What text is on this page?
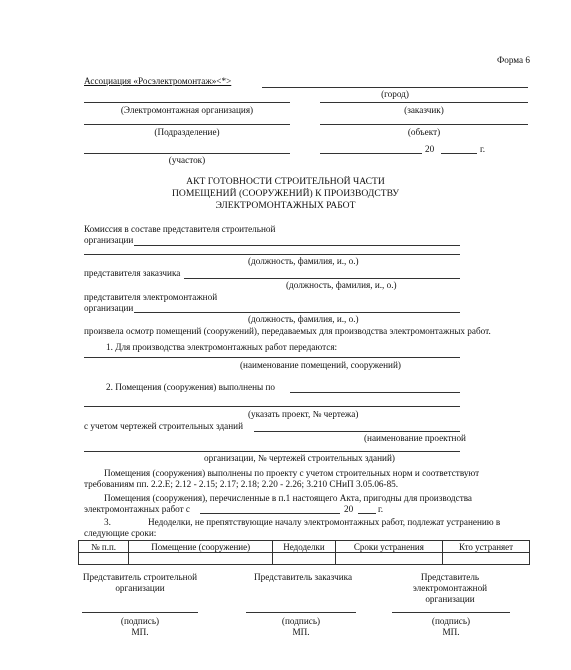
Форма 6
Ассоциация «Росэлектромонтаж»<*>
(город)
(Электромонтажная организация)	(заказчик)
(Подразделение)	(объект)
20	г.
(участок)
АКТ ГОТОВНОСТИ СТРОИТЕЛЬНОЙ ЧАСТИ
ПОМЕЩЕНИЙ (СООРУЖЕНИЙ) К ПРОИЗВОДСТВУ
ЭЛЕКТРОМОНТАЖНЫХ РАБОТ
Комиссия в составе представителя строительной
организации
(должность, фамилия, и., о.)
представителя заказчика
(должность, фамилия, и., о.)
представителя электромонтажной
организации
(должность, фамилия, и., о.)
произвела осмотр помещений (сооружений), передаваемых для производства электромонтажных работ.
1. Для производства электромонтажных работ передаются:
(наименование помещений, сооружений)
2. Помещения (сооружения) выполнены по
(указать проект, № чертежа)
с учетом чертежей строительных зданий
(наименование проектной
организации, № чертежей строительных зданий)
Помещения (сооружения) выполнены по проекту с учетом строительных норм и соответствуют
требованиям пп. 2.2.Е; 2.12 - 2.15; 2.17; 2.18; 2.20 - 2.26; 3.210 СНиП 3.05.06-85.
Помещения (сооружения), перечисленные в п.1 настоящего Акта, пригодны для производства
электромонтажных работ с	20	г.
3.	Недоделки, не препятствующие началу электромонтажных работ, подлежат устранению в
следующие сроки:
№ п.п.	Помещение (сооружение)	Недоделки	Сроки устранения	Кто устраняет

Представитель строительной
организации
Представитель заказчика	Представитель
электромонтажной
организации
(подпись)	(подпись)	(подпись)
МП.	МП.	МП.
